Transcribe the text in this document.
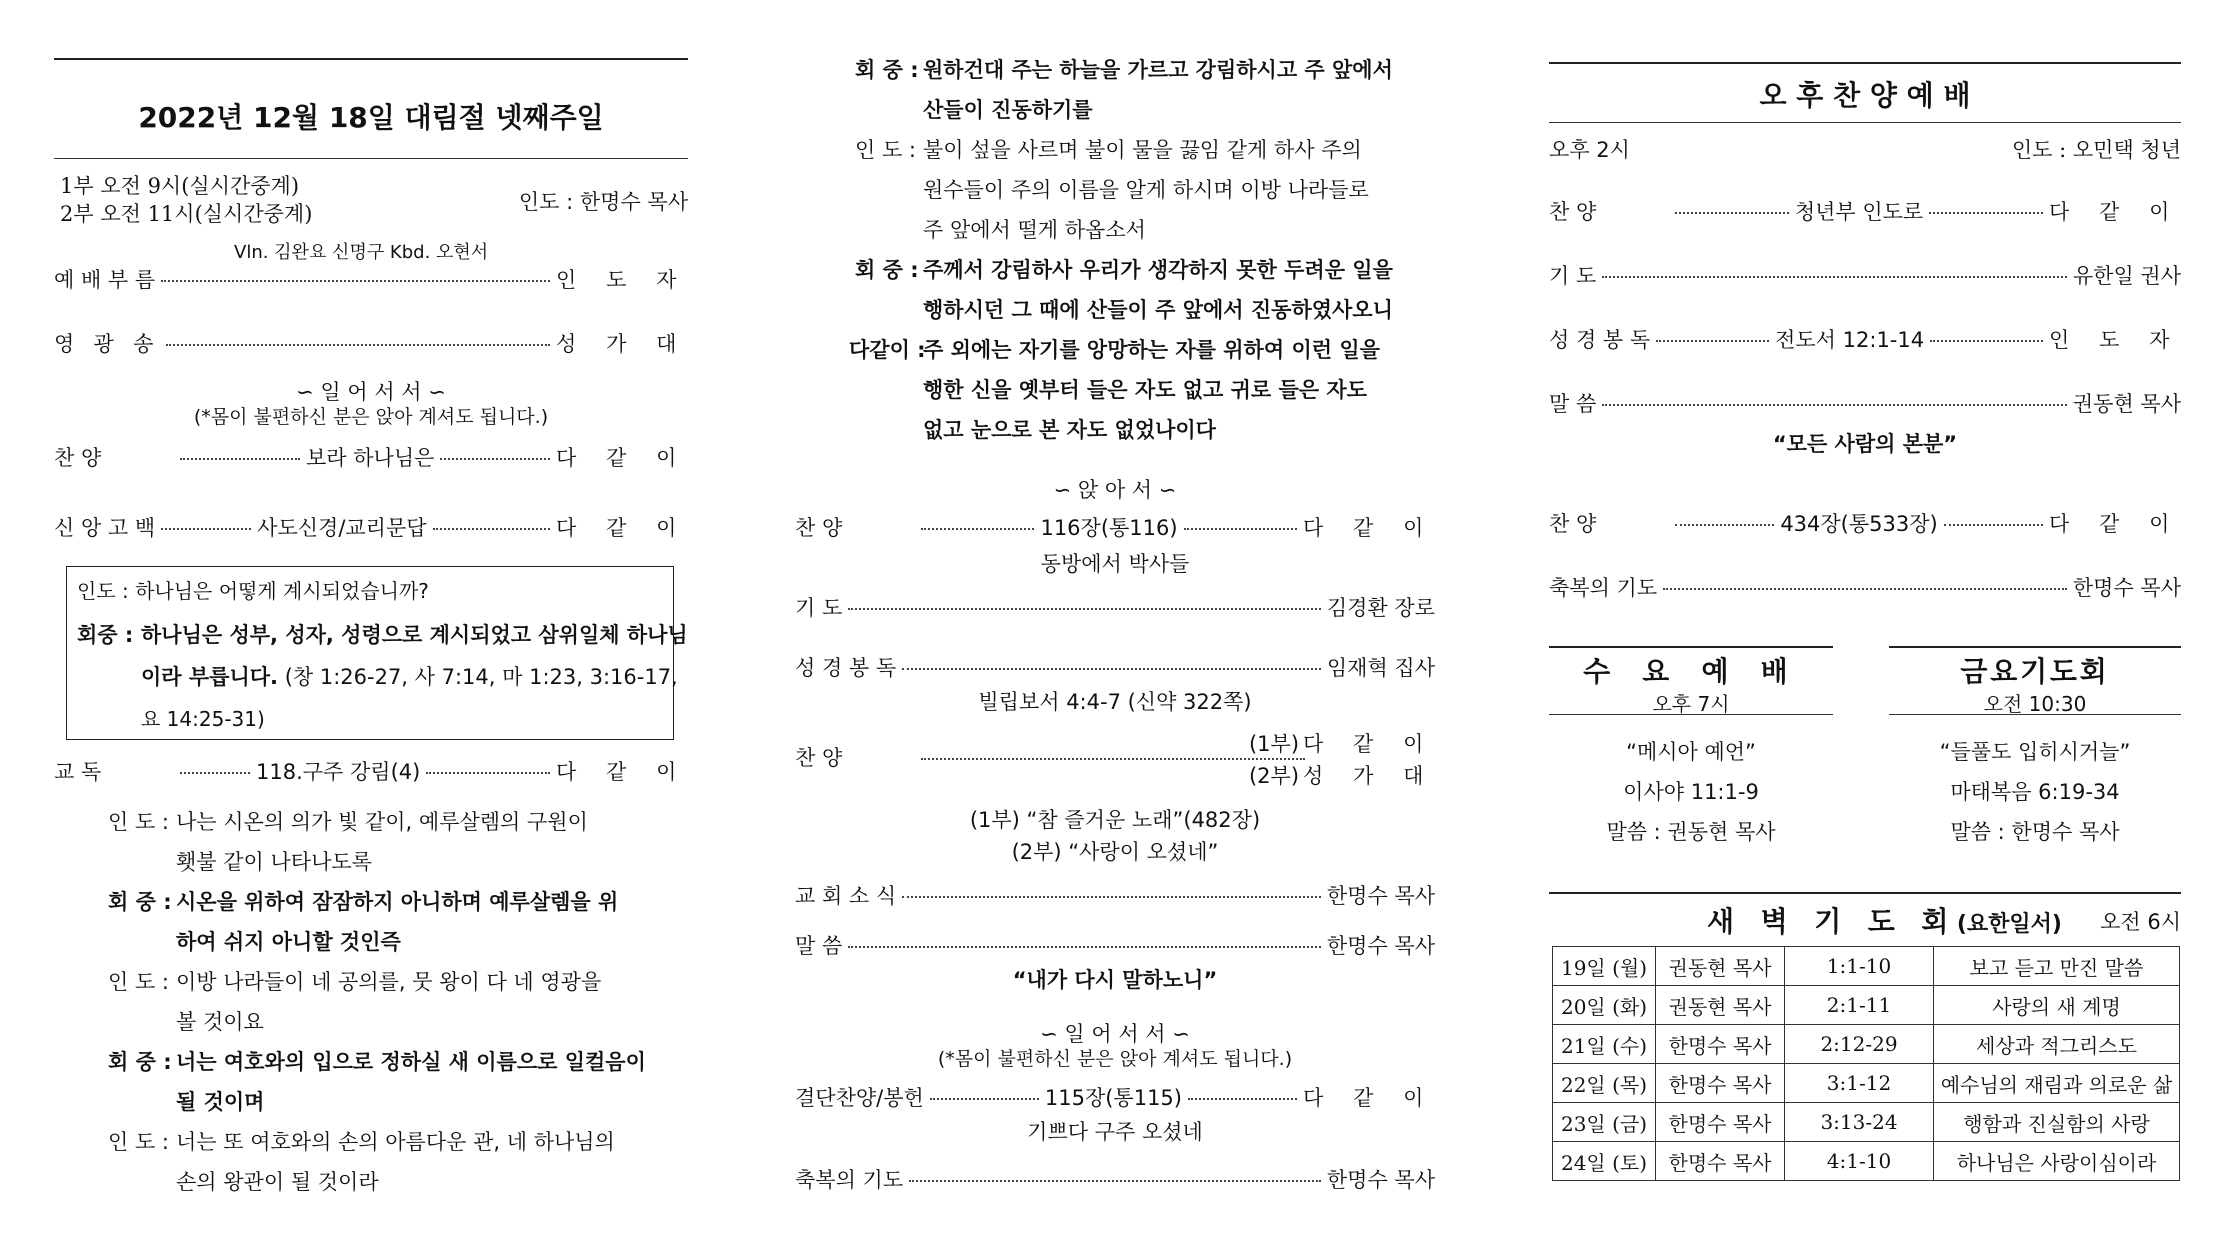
2022년 12월 18일 대림절 넷째주일
1부 오전 9시(실시간중계)
2부 오전 11시(실시간중계)	인도 : 한명수 목사
Vln. 김완요 신명구 Kbd. 오현서
예 배 부 름	인 도 자
영 광 송	성 가 대
∽ 일 어 서 서 ∽
(*몸이 불편하신 분은 앉아 계셔도 됩니다.)
찬 양	보라 하나님은	다 같 이
신 앙 고 백	사도신경/교리문답	다 같 이
인도 : 하나님은 어떻게 계시되었습니까?
회중 : 하나님은 성부, 성자, 성령으로 계시되었고 삼위일체 하나님
이라 부릅니다. (창 1:26-27, 사 7:14, 마 1:23, 3:16-17,
요 14:25-31)
교 독	118.구주 강림(4)	다 같 이
인 도 : 나는 시온의 의가 빛 같이, 예루살렘의 구원이
횃불 같이 나타나도록
회 중 : 시온을 위하여 잠잠하지 아니하며 예루살렘을 위
하여 쉬지 아니할 것인즉
인 도 : 이방 나라들이 네 공의를, 뭇 왕이 다 네 영광을
볼 것이요
회 중 : 너는 여호와의 입으로 정하실 새 이름으로 일컬음이
될 것이며
인 도 : 너는 또 여호와의 손의 아름다운 관, 네 하나님의
손의 왕관이 될 것이라
회 중 : 원하건대 주는 하늘을 가르고 강림하시고 주 앞에서
산들이 진동하기를
인 도 : 불이 섶을 사르며 불이 물을 끓임 같게 하사 주의
원수들이 주의 이름을 알게 하시며 이방 나라들로
주 앞에서 떨게 하옵소서
회 중 : 주께서 강림하사 우리가 생각하지 못한 두려운 일을
행하시던 그 때에 산들이 주 앞에서 진동하였사오니
다같이 :
주 외에는 자기를 앙망하는 자를 위하여 이런 일을
행한 신을 옛부터 들은 자도 없고 귀로 들은 자도
없고 눈으로 본 자도 없었나이다
∽ 앉 아 서 ∽
찬 양	116장(통116)	다 같 이
동방에서 박사들
기 도	김경환 장로
성 경 봉 독	임재혁 집사
빌립보서 4:4-7 (신약 322쪽)
찬 양
(1부) 다 같 이
(2부) 성 가 대
(1부) “참 즐거운 노래”(482장)
(2부) “사랑이 오셨네”
교 회 소 식	한명수 목사
말 씀	한명수 목사
“내가 다시 말하노니”
∽ 일 어 서 서 ∽
(*몸이 불편하신 분은 앉아 계셔도 됩니다.)
결단찬양/봉헌	115장(통115)	다 같 이
기쁘다 구주 오셨네
축복의 기도	한명수 목사
오 후 찬 양 예 배
오후 2시	인도 : 오민택 청년
찬 양	청년부 인도로	다 같 이
기 도	유한일 권사
성 경 봉 독	전도서 12:1-14	인 도 자
말 씀	권동현 목사
“모든 사람의 본분”
찬 양	434장(통533장)	다 같 이
축복의 기도	한명수 목사
수 요 예 배
오후 7시
“메시아 예언”
이사야 11:1-9
말씀 : 권동현 목사
금요기도회
오전 10:30
“들풀도 입히시거늘”
마태복음 6:19-34
말씀 : 한명수 목사
새 벽 기 도 회(요한일서) 오전 6시
19일 (월)	권동현 목사	1:1-10	보고 듣고 만진 말씀
20일 (화)	권동현 목사	2:1-11	사랑의 새 계명
21일 (수)	한명수 목사	2:12-29	세상과 적그리스도
22일 (목)	한명수 목사	3:1-12	예수님의 재림과 의로운 삶
23일 (금)	한명수 목사	3:13-24	행함과 진실함의 사랑
24일 (토)	한명수 목사	4:1-10	하나님은 사랑이심이라
